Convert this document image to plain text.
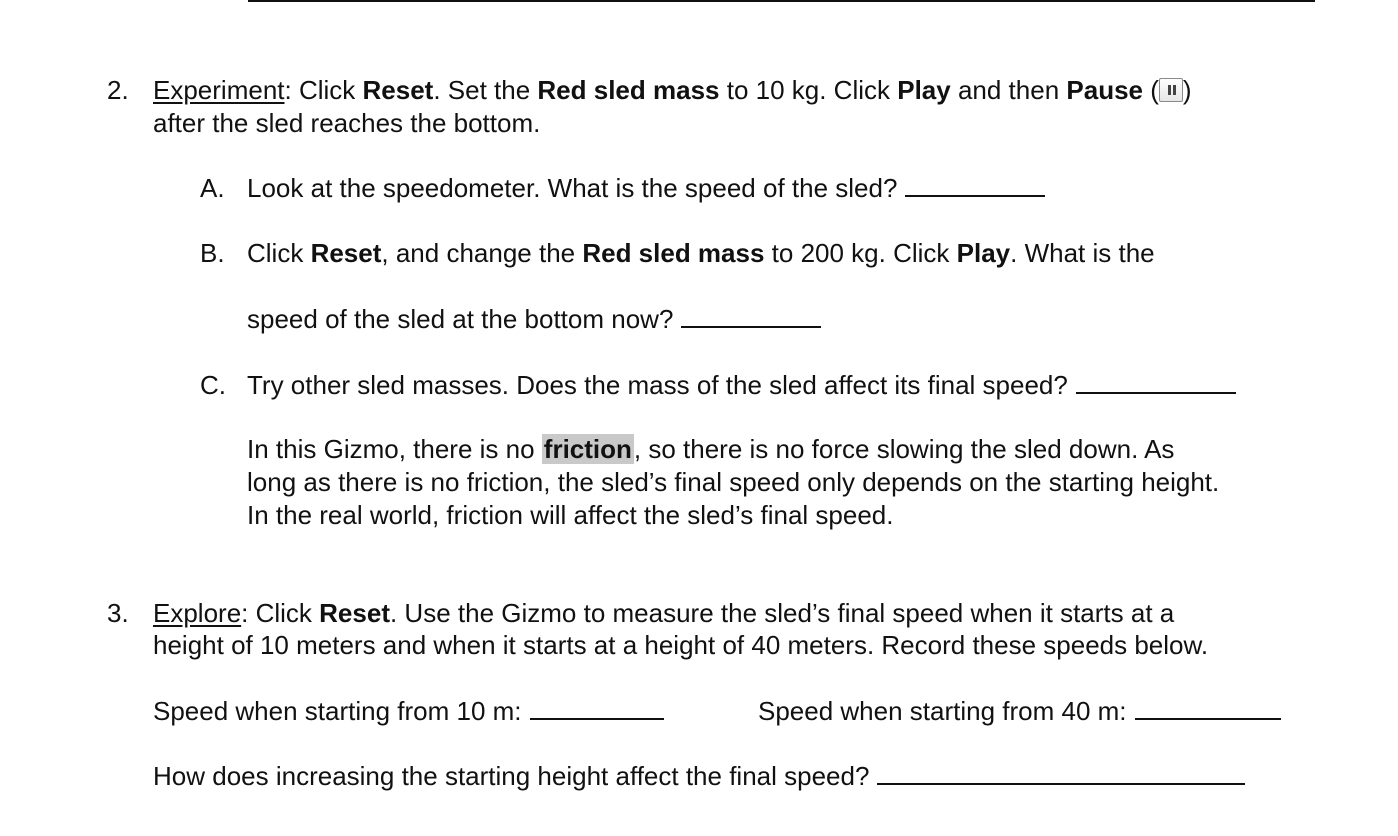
2. Experiment: Click Reset. Set the Red sled mass to 10 kg. Click Play and then Pause ( )
after the sled reaches the bottom.
A. Look at the speedometer. What is the speed of the sled?
B. Click Reset, and change the Red sled mass to 200 kg. Click Play. What is the
speed of the sled at the bottom now?
C. Try other sled masses. Does the mass of the sled affect its final speed?
In this Gizmo, there is no friction, so there is no force slowing the sled down. As
long as there is no friction, the sled’s final speed only depends on the starting height.
In the real world, friction will affect the sled’s final speed.
3. Explore: Click Reset. Use the Gizmo to measure the sled’s final speed when it starts at a
height of 10 meters and when it starts at a height of 40 meters. Record these speeds below.
Speed when starting from 10 m:	Speed when starting from 40 m:
How does increasing the starting height affect the final speed?
